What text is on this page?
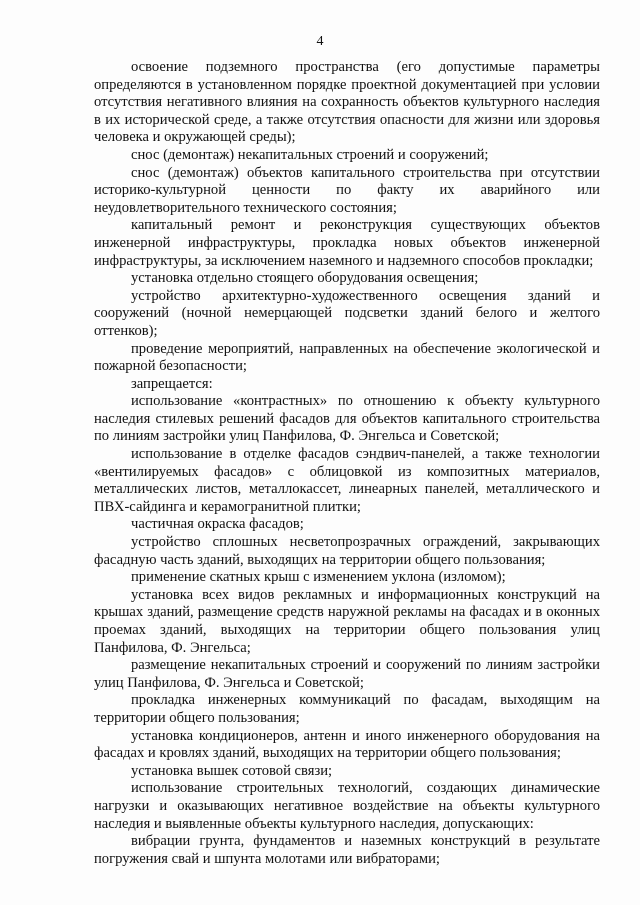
4

освоение подземного пространства (его допустимые параметры определяются в установленном порядке проектной документацией при условии отсутствия негативного влияния на сохранность объектов культурного наследия в их исторической среде, а также отсутствия опасности для жизни или здоровья человека и окружающей среды);

снос (демонтаж) некапитальных строений и сооружений;

снос (демонтаж) объектов капитального строительства при отсутствии историко-культурной ценности по факту их аварийного или неудовлетворительного технического состояния;

капитальный ремонт и реконструкция существующих объектов инженерной инфраструктуры, прокладка новых объектов инженерной инфраструктуры, за исключением наземного и надземного способов прокладки;

установка отдельно стоящего оборудования освещения;

устройство архитектурно-художественного освещения зданий и сооружений (ночной немерцающей подсветки зданий белого и желтого оттенков);

проведение мероприятий, направленных на обеспечение экологической и пожарной безопасности;

запрещается:

использование «контрастных» по отношению к объекту культурного наследия стилевых решений фасадов для объектов капитального строительства по линиям застройки улиц Панфилова, Ф. Энгельса и Советской;

использование в отделке фасадов сэндвич-панелей, а также технологии «вентилируемых фасадов» с облицовкой из композитных материалов, металлических листов, металлокассет, линеарных панелей, металлического и ПВХ-сайдинга и керамогранитной плитки;

частичная окраска фасадов;

устройство сплошных несветопрозрачных ограждений, закрывающих фасадную часть зданий, выходящих на территории общего пользования;

применение скатных крыш с изменением уклона (изломом);

установка всех видов рекламных и информационных конструкций на крышах зданий, размещение средств наружной рекламы на фасадах и в оконных проемах зданий, выходящих на территории общего пользования улиц Панфилова, Ф. Энгельса;

размещение некапитальных строений и сооружений по линиям застройки улиц Панфилова, Ф. Энгельса и Советской;

прокладка инженерных коммуникаций по фасадам, выходящим на территории общего пользования;

установка кондиционеров, антенн и иного инженерного оборудования на фасадах и кровлях зданий, выходящих на территории общего пользования;

установка вышек сотовой связи;

использование строительных технологий, создающих динамические нагрузки и оказывающих негативное воздействие на объекты культурного наследия и выявленные объекты культурного наследия, допускающих:

вибрации грунта, фундаментов и наземных конструкций в результате погружения свай и шпунта молотами или вибраторами;
